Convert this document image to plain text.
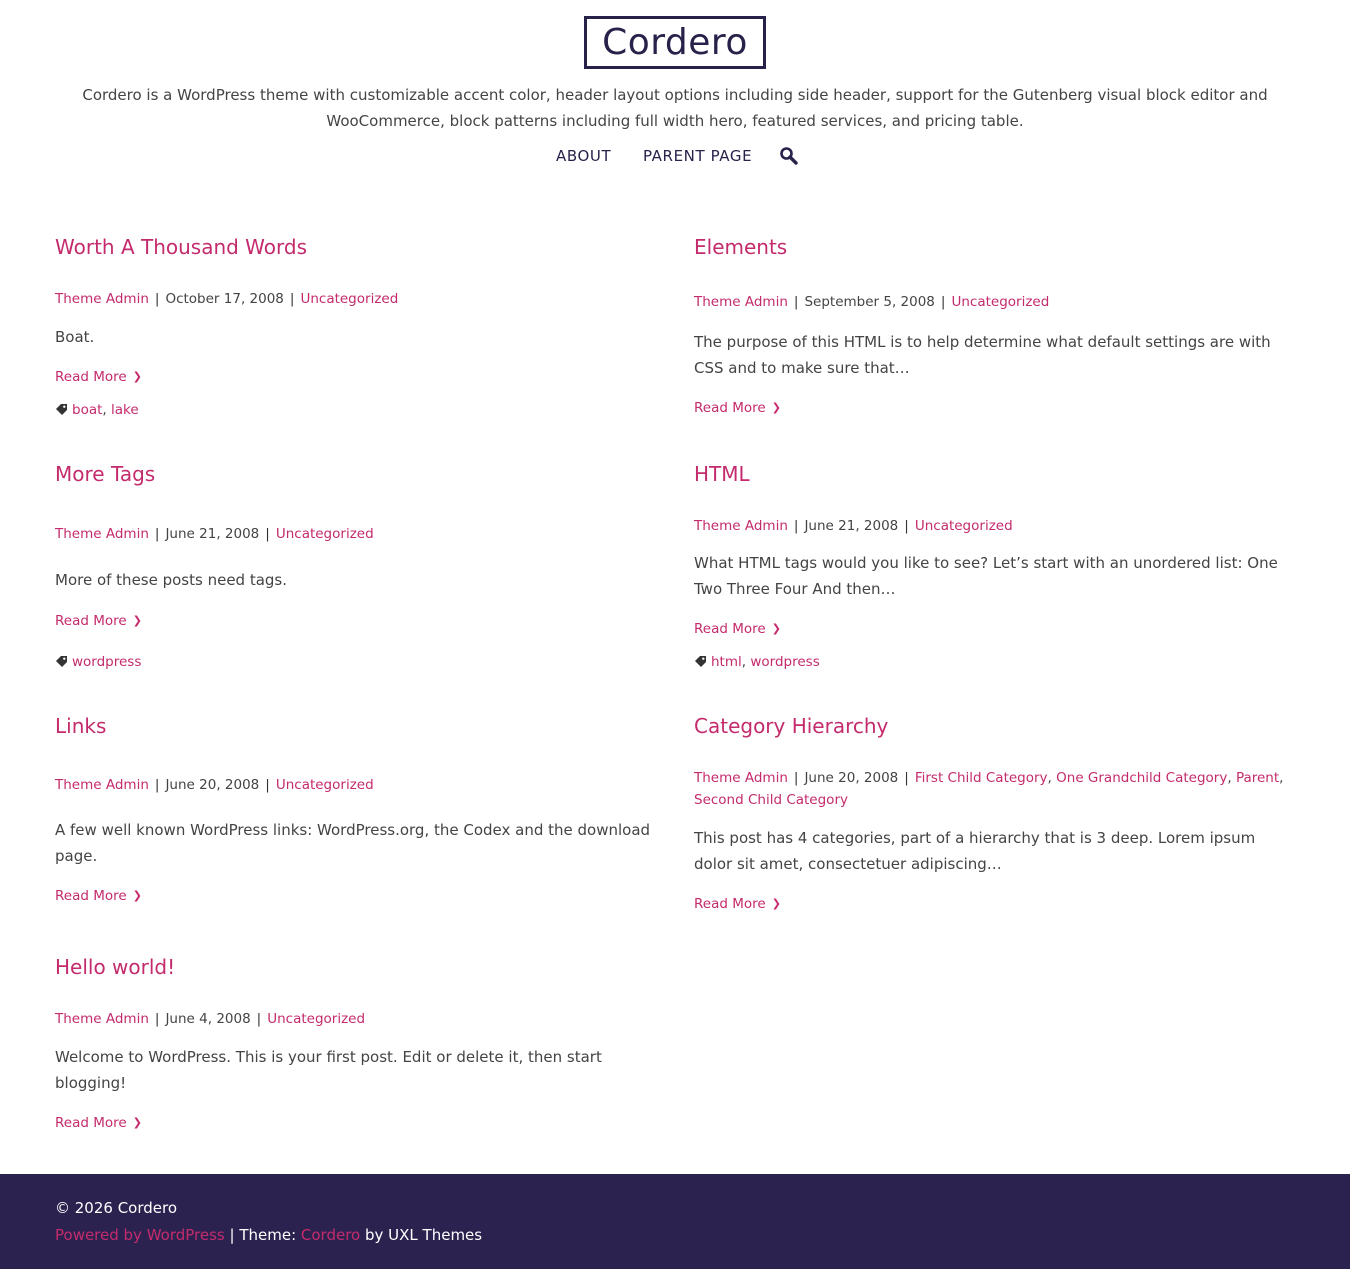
Cordero

Cordero is a WordPress theme with customizable accent color, header layout options including side header, support for the Gutenberg visual block editor and WooCommerce, block patterns including full width hero, featured services, and pricing table.

ABOUT PARENT PAGE
Worth A Thousand Words
Theme Admin | October 17, 2008 | Uncategorized

Boat.

Read More ❯
boat, lake
Elements
Theme Admin | September 5, 2008 | Uncategorized

The purpose of this HTML is to help determine what default settings are with CSS and to make sure that…

Read More ❯
More Tags
Theme Admin | June 21, 2008 | Uncategorized

More of these posts need tags.

Read More ❯
wordpress
HTML
Theme Admin | June 21, 2008 | Uncategorized

What HTML tags would you like to see? Let’s start with an unordered list: One Two Three Four And then…

Read More ❯
html, wordpress
Links
Theme Admin | June 20, 2008 | Uncategorized

A few well known WordPress links: WordPress.org, the Codex and the download page.

Read More ❯
Category Hierarchy
Theme Admin | June 20, 2008 | First Child Category, One Grandchild Category, Parent,
Second Child Category

This post has 4 categories, part of a hierarchy that is 3 deep. Lorem ipsum dolor sit amet, consectetuer adipiscing…

Read More ❯
Hello world!
Theme Admin | June 4, 2008 | Uncategorized

Welcome to WordPress. This is your first post. Edit or delete it, then start blogging!

Read More ❯
© 2026 Cordero
Powered by WordPress | Theme: Cordero by UXL Themes
